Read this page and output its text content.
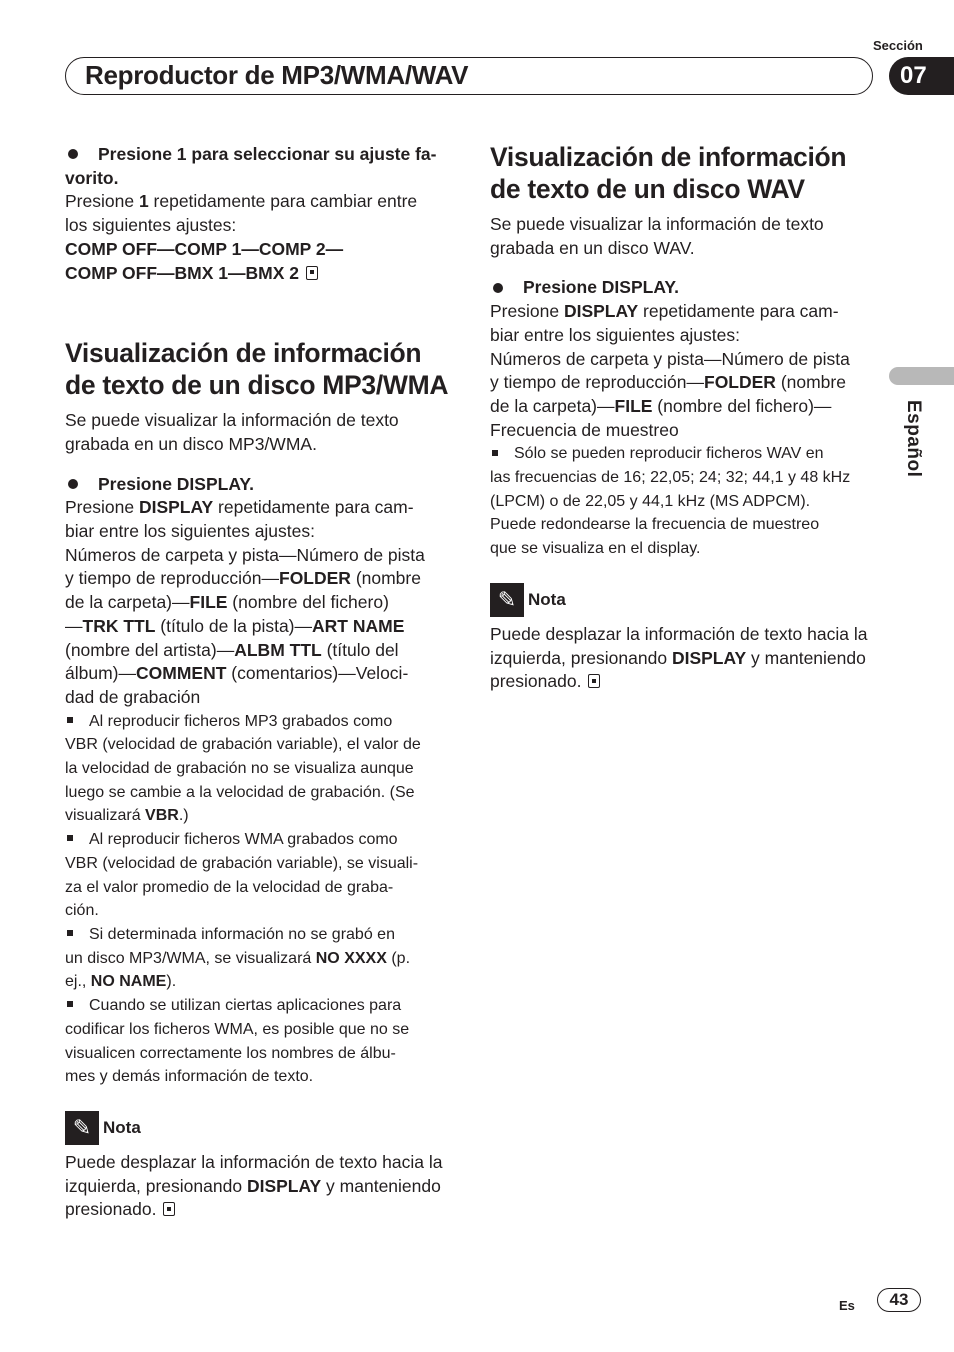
Sección
Reproductor de MP3/WMA/WAV	07
Español
Presione 1 para seleccionar su ajuste fa-
vorito.
Presione 1 repetidamente para cambiar entre
los siguientes ajustes:
COMP OFF—COMP 1—COMP 2—
COMP OFF—BMX 1—BMX 2
Visualización de información
de texto de un disco MP3/WMA
Se puede visualizar la información de texto
grabada en un disco MP3/WMA.
Presione DISPLAY.
Presione DISPLAY repetidamente para cam-
biar entre los siguientes ajustes:
Números de carpeta y pista—Número de pista
y tiempo de reproducción—FOLDER (nombre
de la carpeta)—FILE (nombre del fichero)
—TRK TTL (título de la pista)—ART NAME
(nombre del artista)—ALBM TTL (título del
álbum)—COMMENT (comentarios)—Veloci-
dad de grabación
Al reproducir ficheros MP3 grabados como
VBR (velocidad de grabación variable), el valor de
la velocidad de grabación no se visualiza aunque
luego se cambie a la velocidad de grabación. (Se
visualizará VBR.)
Al reproducir ficheros WMA grabados como
VBR (velocidad de grabación variable), se visuali-
za el valor promedio de la velocidad de graba-
ción.
Si determinada información no se grabó en
un disco MP3/WMA, se visualizará NO XXXX (p.
ej., NO NAME).
Cuando se utilizan ciertas aplicaciones para
codificar los ficheros WMA, es posible que no se
visualicen correctamente los nombres de álbu-
mes y demás información de texto.
✎ Nota
Puede desplazar la información de texto hacia la
izquierda, presionando DISPLAY y manteniendo
presionado.
Visualización de información
de texto de un disco WAV
Se puede visualizar la información de texto
grabada en un disco WAV.
Presione DISPLAY.
Presione DISPLAY repetidamente para cam-
biar entre los siguientes ajustes:
Números de carpeta y pista—Número de pista
y tiempo de reproducción—FOLDER (nombre
de la carpeta)—FILE (nombre del fichero)—
Frecuencia de muestreo
Sólo se pueden reproducir ficheros WAV en
las frecuencias de 16; 22,05; 24; 32; 44,1 y 48 kHz
(LPCM) o de 22,05 y 44,1 kHz (MS ADPCM).
Puede redondearse la frecuencia de muestreo
que se visualiza en el display.
✎ Nota
Puede desplazar la información de texto hacia la
izquierda, presionando DISPLAY y manteniendo
presionado.
Es 43
